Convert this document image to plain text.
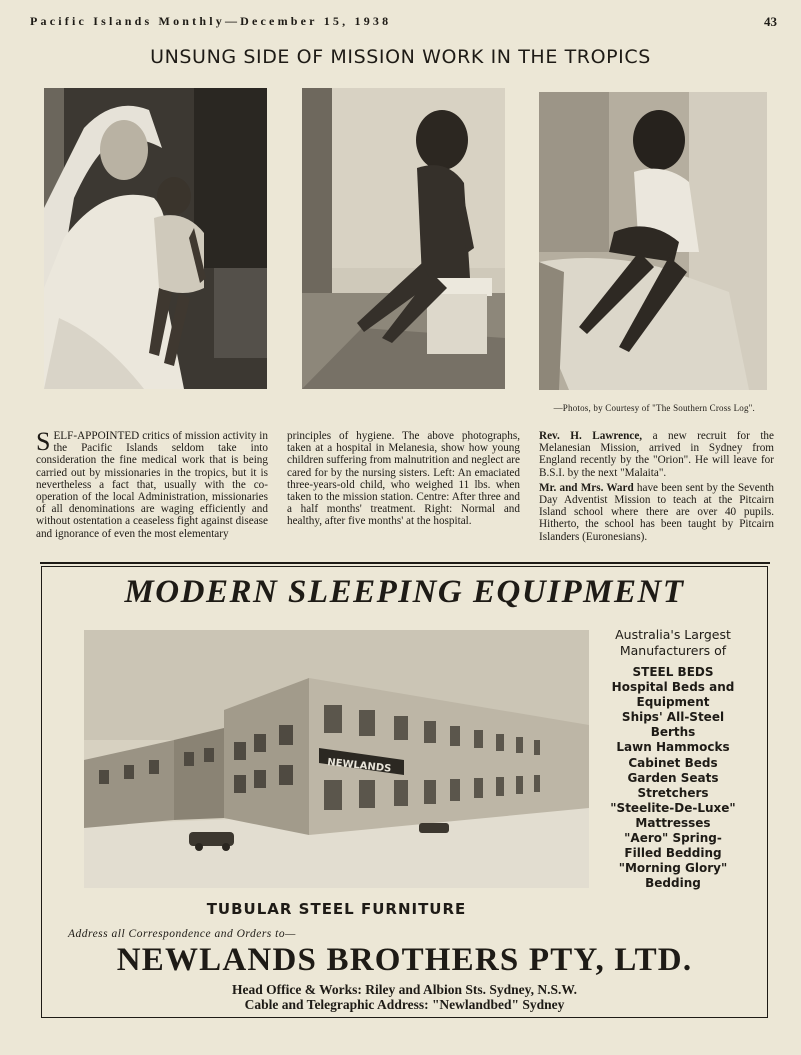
Pacific Islands Monthly—December 15, 1938	43
UNSUNG SIDE OF MISSION WORK IN THE TROPICS
—Photos, by Courtesy of "The Southern Cross Log".

SELF-APPOINTED critics of mission activity in the Pacific Islands seldom take into consideration the fine medical work that is being carried out by missionaries in the tropics, but it is nevertheless a fact that, usually with the co-operation of the local Administration, missionaries of all denominations are waging efficiently and without ostentation a ceaseless fight against disease and ignorance of even the most elementary

principles of hygiene. The above photographs, taken at a hospital in Melanesia, show how young children suffering from malnutrition and neglect are cared for by the nursing sisters. Left: An emaciated three-years-old child, who weighed 11 lbs. when taken to the mission station. Centre: After three and a half months' treatment. Right: Normal and healthy, after five months' at the hospital.

Rev. H. Lawrence, a new recruit for the Melanesian Mission, arrived in Sydney from England recently by the "Orion". He will leave for B.S.I. by the next "Malaita".

Mr. and Mrs. Ward have been sent by the Seventh Day Adventist Mission to teach at the Pitcairn Island school where there are over 40 pupils. Hitherto, the school has been taught by Pitcairn Islanders (Euronesians).

MODERN SLEEPING EQUIPMENT
NEWLANDS
Australia's Largest
Manufacturers of
STEEL BEDS
Hospital Beds and
Equipment
Ships' All-Steel
Berths
Lawn Hammocks
Cabinet Beds
Garden Seats
Stretchers
"Steelite-De-Luxe"
Mattresses
"Aero" Spring-
Filled Bedding
"Morning Glory"
Bedding
TUBULAR STEEL FURNITURE
Address all Correspondence and Orders to—
NEWLANDS BROTHERS PTY, LTD.
Head Office & Works: Riley and Albion Sts. Sydney, N.S.W.
Cable and Telegraphic Address: "Newlandbed" Sydney
